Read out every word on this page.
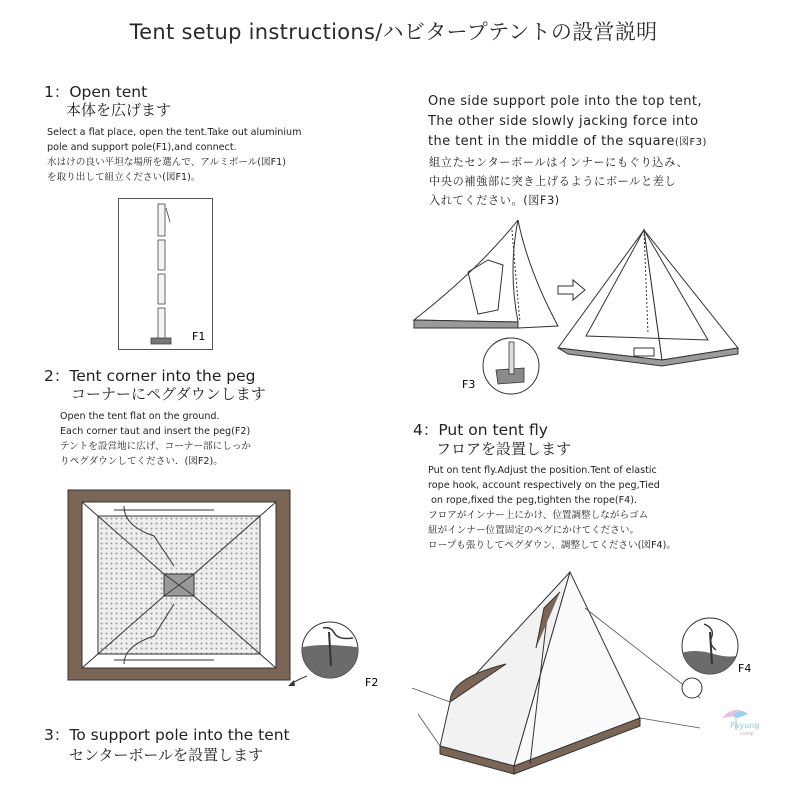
Tent setup instructions/ハビタープテントの設営説明
1：Open tent
本体を広げます
Select a flat place, open the tent.Take out aluminium
pole and support pole(F1),and connect.
水はけの良い平坦な場所を選んで、アルミポール(図F1)
を取り出して組立ください(図F1)。
F1
2：Tent corner into the peg
コーナーにペグダウンします
Open the tent flat on the ground.
Each corner taut and insert the peg(F2)
テントを設営地に広げ、コーナー部にしっか
りペグダウンしてください．(図F2)。
F2
3：To support pole into the tent
センターボールを設置します
One side support pole into the top tent,
The other side slowly jacking force into
the tent in the middle of the square(図F3)
組立たセンターボールはインナーにもぐり込み、
中央の補強部に突き上げるようにボールと差し
入れてください。(図F3)
F3
4：Put on tent fly
フロアを設置します
Put on tent fly.Adjust the position.Tent of elastic
rope hook, account respectively on the peg,Tied
on rope,fixed the peg,tighten the rope(F4).
フロアがインナー上にかけ、位置調整しながらゴム
紐がインナー位置固定のペグにかけてください。
ロープも張りしてペグダウン、調整してください(図F4)。
F4
Payung
camp
